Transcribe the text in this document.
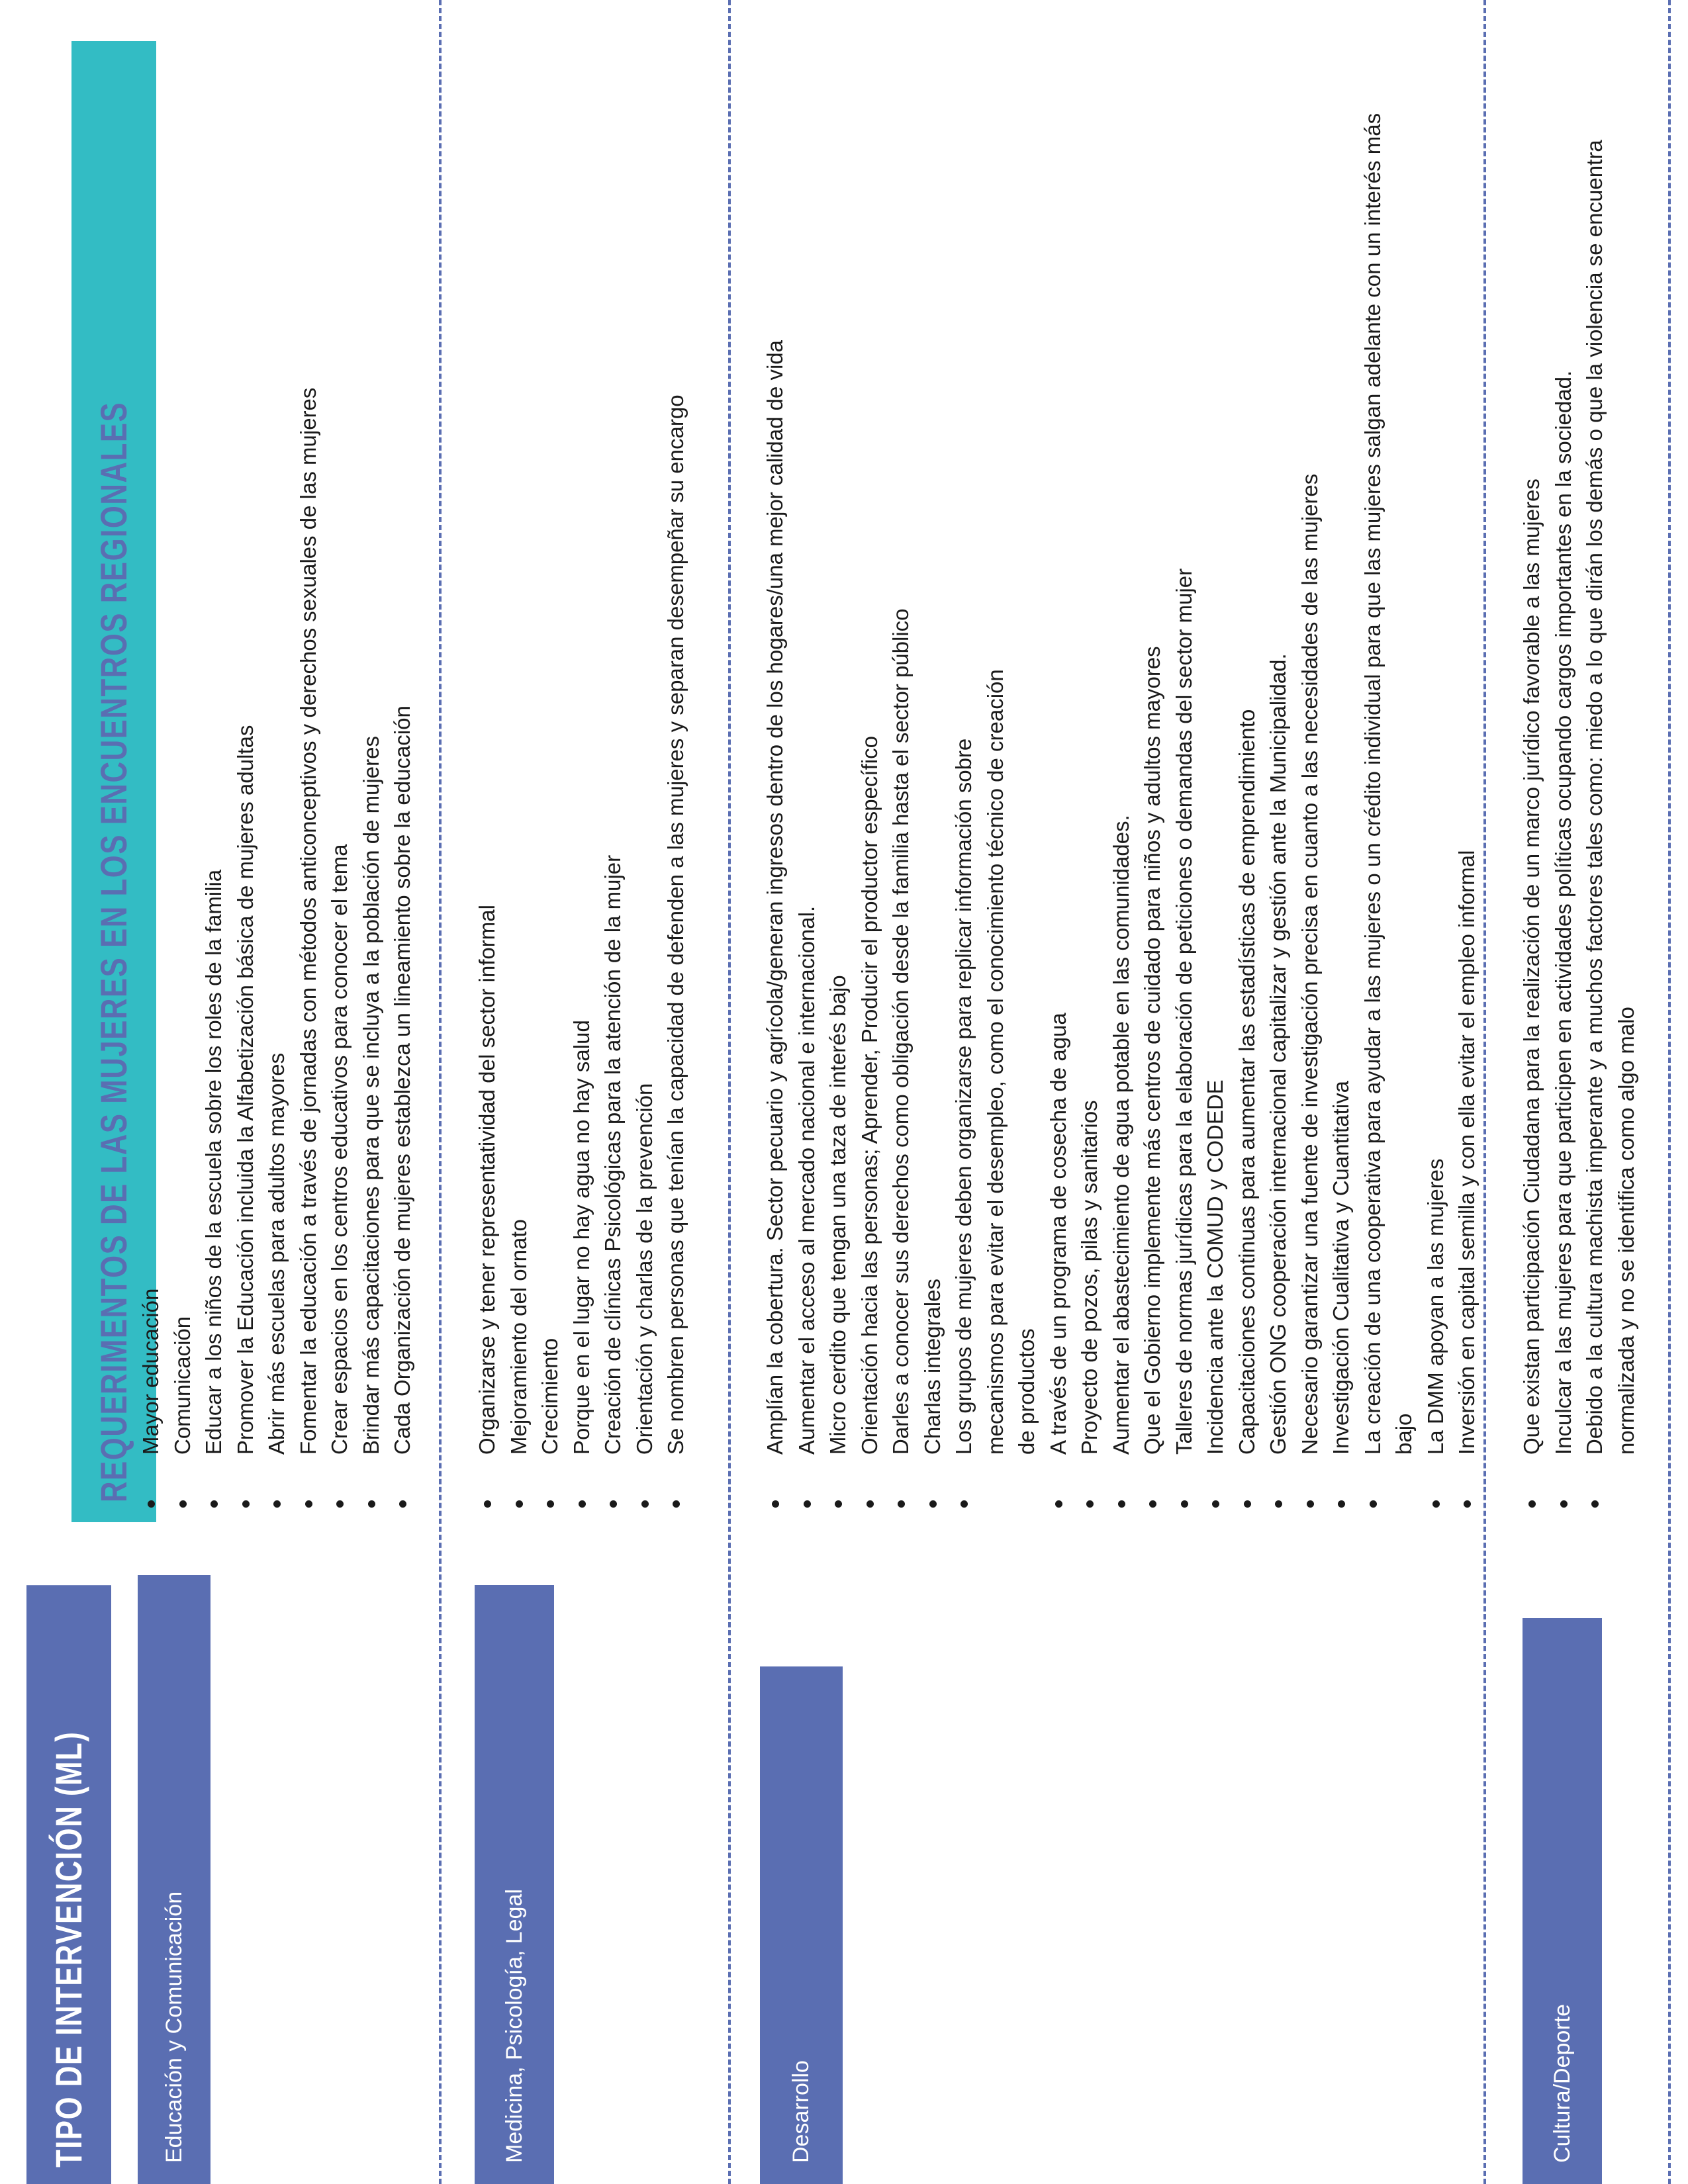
TIPO DE INTERVENCIÓN (ML)
REQUERIMENTOS DE LAS MUJERES EN LOS ENCUENTROS REGIONALES
Educación y Comunicación
Mayor educación Comunicación Educar a los niños de la escuela sobre los roles de la familia Promover la Educación incluida la Alfabetización básica de mujeres adultas Abrir más escuelas para adultos mayores Fomentar la educación a través de jornadas con métodos anticonceptivos y derechos sexuales de las mujeres Crear espacios en los centros educativos para conocer el tema Brindar más capacitaciones para que se incluya a la población de mujeres Cada Organización de mujeres establezca un lineamiento sobre la educación
Medicina, Psicología, Legal
Organizarse y tener representatividad del sector informal Mejoramiento del ornato Crecimiento Porque en el lugar no hay agua no hay salud Creación de clínicas Psicológicas para la atención de la mujer Orientación y charlas de la prevención Se nombren personas que tenían la capacidad de defenden a las mujeres y separan desempeñar su encargo
Desarrollo
Amplían la cobertura. Sector pecuario y agrícola/generan ingresos dentro de los hogares/una mejor calidad de vida Aumentar el acceso al mercado nacional e internacional. Micro cerdito que tengan una taza de interés bajo Orientación hacia las personas; Aprender, Producir el productor específico Darles a conocer sus derechos como obligación desde la familia hasta el sector público Charlas integrales Los grupos de mujeres deben organizarse para replicar información sobre mecanismos para evitar el desempleo, como el conocimiento técnico de creación de productos A través de un programa de cosecha de agua Proyecto de pozos, pilas y sanitarios Aumentar el abastecimiento de agua potable en las comunidades. Que el Gobierno implemente más centros de cuidado para niños y adultos mayores Talleres de normas jurídicas para la elaboración de peticiones o demandas del sector mujer Incidencia ante la COMUD y CODEDE Capacitaciones continuas para aumentar las estadísticas de emprendimiento Gestión ONG cooperación internacional capitalizar y gestión ante la Municipalidad. Necesario garantizar una fuente de investigación precisa en cuanto a las necesidades de las mujeres Investigación Cualitativa y Cuantitativa La creación de una cooperativa para ayudar a las mujeres o un crédito individual para que las mujeres salgan adelante con un interés más bajo La DMM apoyan a las mujeres Inversión en capital semilla y con ella evitar el empleo informal
Cultura/Deporte
Que existan participación Ciudadana para la realización de un marco jurídico favorable a las mujeres Inculcar a las mujeres para que participen en actividades políticas ocupando cargos importantes en la sociedad. Debido a la cultura machista imperante y a muchos factores tales como: miedo a lo que dirán los demás o que la violencia se encuentra normalizada y no se identifica como algo malo
